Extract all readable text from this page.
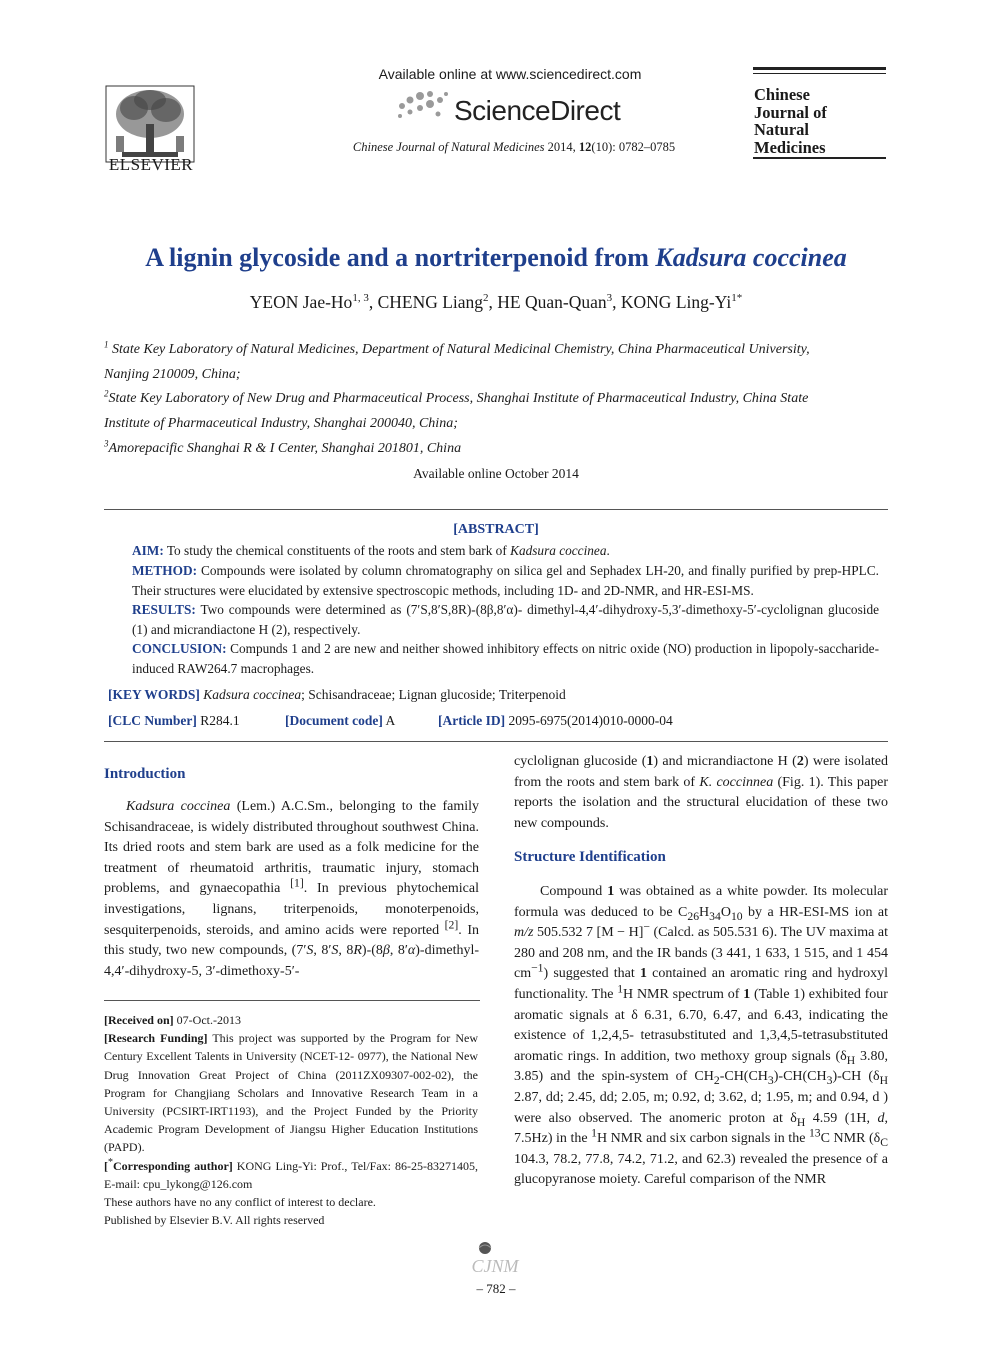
ELSEVIER
Available online at www.sciencedirect.com
ScienceDirect
Chinese Journal of Natural Medicines 2014, 12(10): 0782–0785
Chinese
Journal of
Natural
Medicines
A lignin glycoside and a nortriterpenoid from Kadsura coccinea
YEON Jae-Ho$^{1, 3}$, CHENG Liang$^2$, HE Quan-Quan$^3$, KONG Ling-$Yi^{1*}$
$^1$ State Key Laboratory of Natural Medicines, Department of Natural Medicinal Chemistry, China Pharmaceutical University,
Nanjing 210009, China;
$^2$State Key Laboratory of New Drug and Pharmaceutical Process, Shanghai Institute of Pharmaceutical Industry, China State
Institute of Pharmaceutical Industry, Shanghai 200040, China;
$^3$Amorepacific Shanghai R & I Center, Shanghai 201801, China
Available online October 2014
[ABSTRACT]
AIM: To study the chemical constituents of the roots and stem bark of Kadsura coccinea.
METHOD: Compounds were isolated by column chromatography on silica gel and Sephadex LH-20, and finally purified by prep-HPLC. Their structures were elucidated by extensive spectroscopic methods, including 1D- and 2D-NMR, and HR-ESI-MS.
RESULTS: Two compounds were determined as (7′S,8′S,8R)-(8β,8′α)- dimethyl-4,4′-dihydroxy-5,3′-dimethoxy-5′-cyclolignan glucoside (1) and micrandiactone H (2), respectively.
CONCLUSION: Compunds 1 and 2 are new and neither showed inhibitory effects on nitric oxide (NO) production in lipopoly-saccharide-induced RAW264.7 macrophages.
[KEY WORDS] Kadsura coccinea; Schisandraceae; Lignan glucoside; Triterpenoid
[CLC Number] R284.1	[Document code] A	[Article ID] 2095-6975(2014)010-0000-04
Introduction
Kadsura coccinea (Lem.) A.C.Sm., belonging to the family Schisandraceae, is widely distributed throughout southwest China. Its dried roots and stem bark are used as a folk medicine for the treatment of rheumatoid arthritis, traumatic injury, stomach problems, and gynaecopathia [1]. In previous phytochemical investigations, lignans, triterpenoids, monoterpenoids, sesquiterpenoids, steroids, and amino acids were reported [2]. In this study, two new compounds, (7′S, 8′S, 8R)-(8β, 8′α)-dimethyl-4,4′-dihydroxy-5, 3′-dimethoxy-5′-
[Received on] 07-Oct.-2013
[Research Funding] This project was supported by the Program for New Century Excellent Talents in University (NCET-12- 0977), the National New Drug Innovation Great Project of China (2011ZX09307-002-02), the Program for Changjiang Scholars and Innovative Research Team in a University (PCSIRT-IRT1193), and the Project Funded by the Priority Academic Program Development of Jiangsu Higher Education Institutions (PAPD).
[*Corresponding author] KONG Ling-Yi: Prof., Tel/Fax: 86-25-83271405, E-mail: cpu_lykong@126.com
These authors have no any conflict of interest to declare.
Published by Elsevier B.V. All rights reserved
cyclolignan glucoside (1) and micrandiactone H (2) were isolated from the roots and stem bark of K. coccinnea (Fig. 1). This paper reports the isolation and the structural elucidation of these two new compounds.
Structure Identification
Compound 1 was obtained as a white powder. Its molecular formula was deduced to be $C_{26}H_{34}O_{10}$ by a HR-ESI-MS ion at m/z 505.532 7 [M − H]− (Calcd. as 505.531 6). The UV maxima at 280 and 208 nm, and the IR bands (3 441, 1 633, 1 515, and 1 454 $cm^{-1}$) suggested that 1 contained an aromatic ring and hydroxyl functionality. The $^1$H NMR spectrum of 1 (Table 1) exhibited four aromatic signals at δ 6.31, 6.70, 6.47, and 6.43, indicating the existence of 1,2,4,5- tetrasubstituted and 1,3,4,5-tetrasubstituted aromatic rings. In addition, two methoxy group signals ($\delta_H$ 3.80, 3.85) and the spin-system of $CH_2-CH(CH_3)-CH(CH_3)-CH$ ($\delta_H$ 2.87, dd; 2.45, dd; 2.05, m; 0.92, d; 3.62, d; 1.95, m; and 0.94, d ) were also observed. The anomeric proton at $\delta_H$ 4.59 (1H, d, 7.5Hz) in the $^1$H NMR and six carbon signals in the $^{13}$C NMR ($\delta_C$ 104.3, 78.2, 77.8, 74.2, 71.2, and 62.3) revealed the presence of a glucopyranose moiety. Careful comparison of the NMR
CJNM
– 782 –
